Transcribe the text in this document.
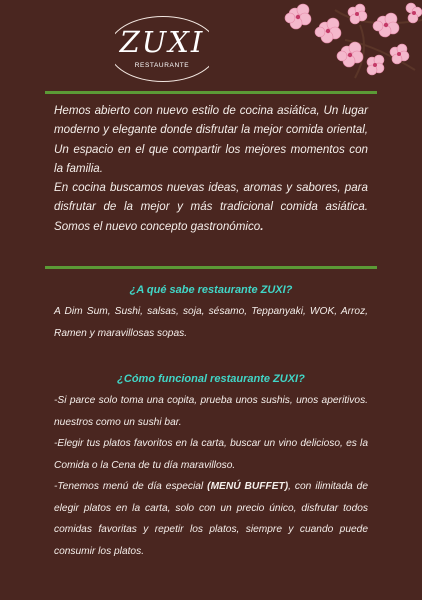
ZUXI
RESTAURANTE

Hemos abierto con nuevo estilo de cocina asiática, Un lugar moderno y elegante donde disfrutar la mejor comida oriental, Un espacio en el que compartir los mejores momentos con la familia.

En cocina buscamos nuevas ideas, aromas y sabores, para disfrutar de la mejor y más tradicional comida asiática. Somos el nuevo concepto gastronómico.

¿A qué sabe restaurante ZUXI?

A Dim Sum, Sushi, salsas, soja, sésamo, Teppanyaki, WOK, Arroz, Ramen y maravillosas sopas.

¿Cómo funcional restaurante ZUXI?

-Si parce solo toma una copita, prueba unos sushis, unos aperitivos. nuestros como un sushi bar.

-Elegir tus platos favoritos en la carta, buscar un vino delicioso, es la Comida o la Cena de tu día maravilloso.

-Tenemos menú de día especial (MENÚ BUFFET), con ilimitada de elegir platos en la carta, solo con un precio único, disfrutar todos comidas favoritas y repetir los platos, siempre y cuando puede consumir los platos.
